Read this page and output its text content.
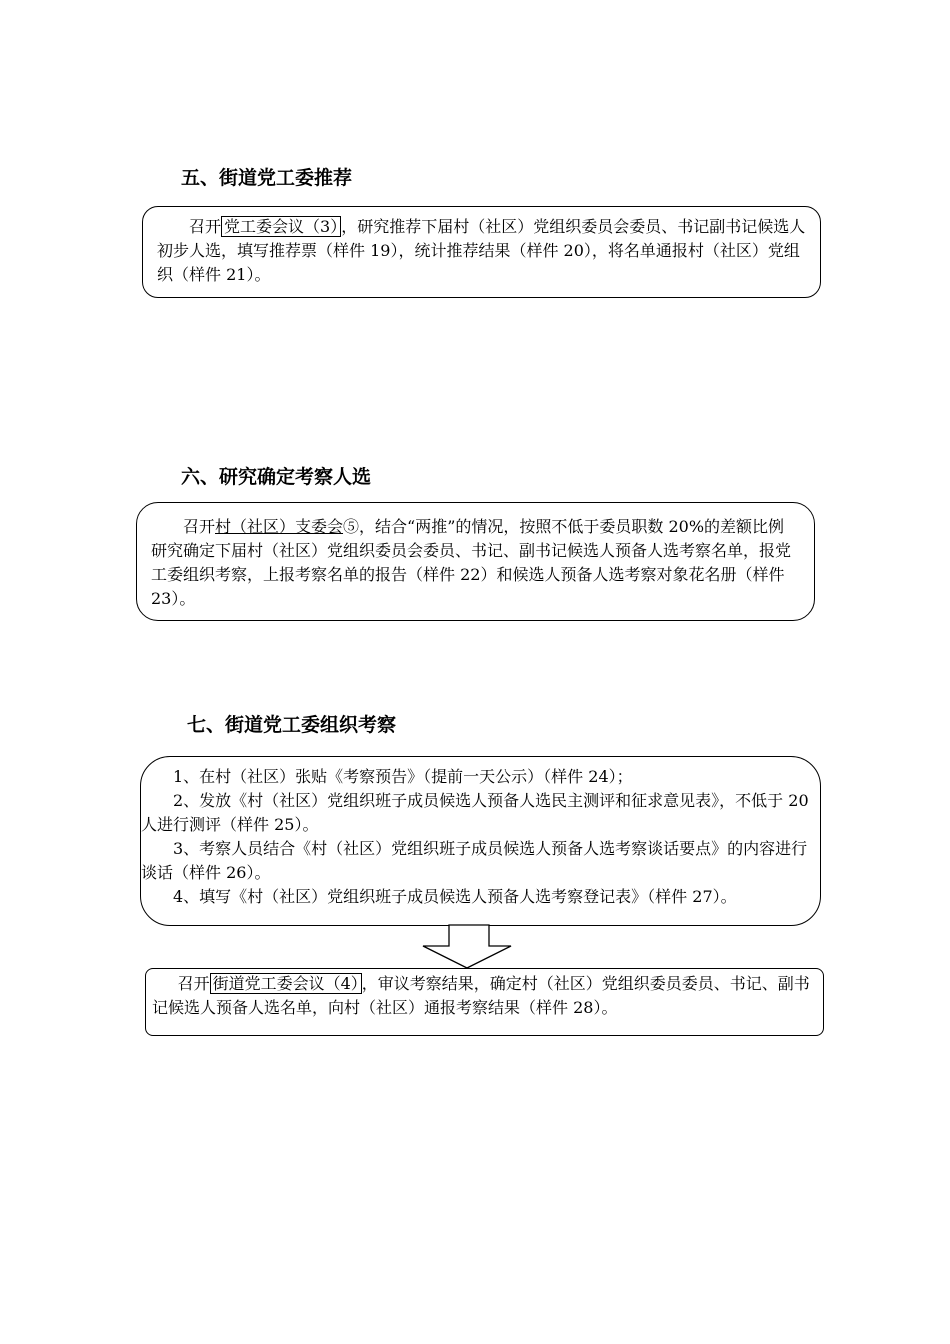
五、街道党工委推荐

召开 党工委会议（3） ，研究推荐下届村（社区）党组织委员会委员、书记副书记候选人初步人选，填写推荐票（样件 19），统计推荐结果（样件 20），将名单通报村（社区）党组织（样件 21）。

六、研究确定考察人选

召开村（社区）支委会⑤，结合“两推”的情况，按照不低于委员职数 20%的差额比例研究确定下届村（社区）党组织委员会委员、书记、副书记候选人预备人选考察名单，报党工委组织考察，上报考察名单的报告（样件 22）和候选人预备人选考察对象花名册（样件 23）。

七、街道党工委组织考察

1、在村（社区）张贴《考察预告》（提前一天公示）（样件 24）；

2、发放《村（社区）党组织班子成员候选人预备人选民主测评和征求意见表》，不低于 20 人进行测评（样件 25）。

3、考察人员结合《村（社区）党组织班子成员候选人预备人选考察谈话要点》的内容进行谈话（样件 26）。

4、填写《村（社区）党组织班子成员候选人预备人选考察登记表》（样件 27）。

召开 街道党工委会议（4） ，审议考察结果，确定村（社区）党组织委员委员、书记、副书记候选人预备人选名单，向村（社区）通报考察结果（样件 28）。
